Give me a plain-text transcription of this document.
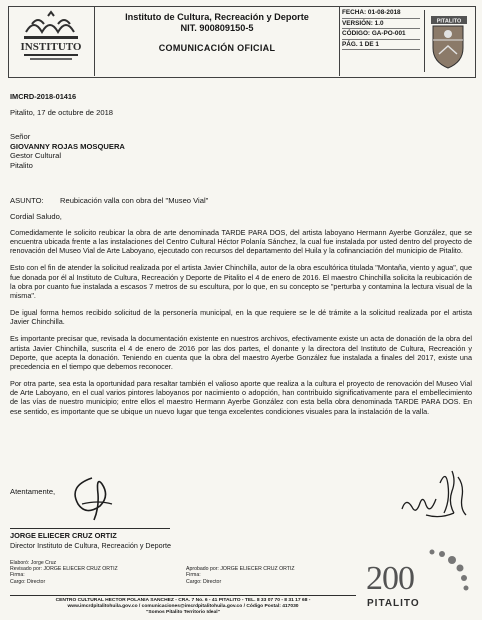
INSTITUTO
Instituto de Cultura, Recreación y Deporte
NIT. 900809150-5
COMUNICACIÓN OFICIAL
FECHA: 01-08-2018
VERSIÓN: 1.0
CÓDIGO: GA-PO-001
PÁG. 1 DE 1
PITALITO
IMCRD-2018-01416
Pitalito, 17 de octubre de 2018
Señor
GIOVANNY ROJAS MOSQUERA
Gestor Cultural
Pitalito
ASUNTO: Reubicación valla con obra del "Museo Vial"
Cordial Saludo,

Comedidamente le solicito reubicar la obra de arte denominada TARDE PARA DOS, del artista laboyano Hermann Ayerbe González, que se encuentra ubicada frente a las instalaciones del Centro Cultural Héctor Polanía Sánchez, la cual fue instalada por usted dentro del proyecto de renovación del Museo Vial de Arte Laboyano, ejecutado con recursos del departamento del Huila y la cofinanciación del municipio de Pitalito.

Esto con el fin de atender la solicitud realizada por el artista Javier Chinchilla, autor de la obra escultórica titulada "Montaña, viento y agua", que fue donada por él al Instituto de Cultura, Recreación y Deporte de Pitalito el 4 de enero de 2016. El maestro Chinchilla solicita la reubicación de la obra por cuanto fue instalada a escasos 7 metros de su escultura, por lo que, en su concepto se "perturba y contamina la lectura visual de la misma".

De igual forma hemos recibido solicitud de la personería municipal, en la que requiere se le dé trámite a la solicitud realizada por el artista Javier Chinchilla.

Es importante precisar que, revisada la documentación existente en nuestros archivos, efectivamente existe un acta de donación de la obra del artista Javier Chinchilla, suscrita el 4 de enero de 2016 por las dos partes, el donante y la directora del Instituto de Cultura, Recreación y Deporte, que acepta la donación. Teniendo en cuenta que la obra del maestro Ayerbe González fue instalada a finales del 2017, existe una precedencia en el tiempo que debemos reconocer.

Por otra parte, sea esta la oportunidad para resaltar también el valioso aporte que realiza a la cultura el proyecto de renovación del Museo Vial de Arte Laboyano, en el cual varios pintores laboyanos por nacimiento o adopción, han contribuido significativamente para el embellecimiento de las vías de nuestro municipio; entre ellos el maestro Hermann Ayerbe González con esta bella obra denominada TARDE PARA DOS. En ese sentido, es importante que se ubique un nuevo lugar que tenga excelentes condiciones visuales para la instalación de la valla.

Atentamente,
JORGE ELIECER CRUZ ORTIZ
Director Instituto de Cultura, Recreación y Deporte
Elaboró: Jorge Cruz
Revisado por: JORGE ELIECER CRUZ ORTIZ	Aprobado por: JORGE ELIECER CRUZ ORTIZ
Firma:	Firma:
Cargo: Director	Cargo: Director
CENTRO CULTURAL HECTOR POLANIA SANCHEZ - CRA. 7 No. 6 - 41 PITALITO - TEL. 8 33 07 70 - 8 31 17 68 -
www.imcrdpitalitohuila.gov.co / comunicaciones@imcrdpitalitohuila.gov.co / Código Postal: 417030
"Somos Pitalito Territorio Ideal"
200
PITALITO
